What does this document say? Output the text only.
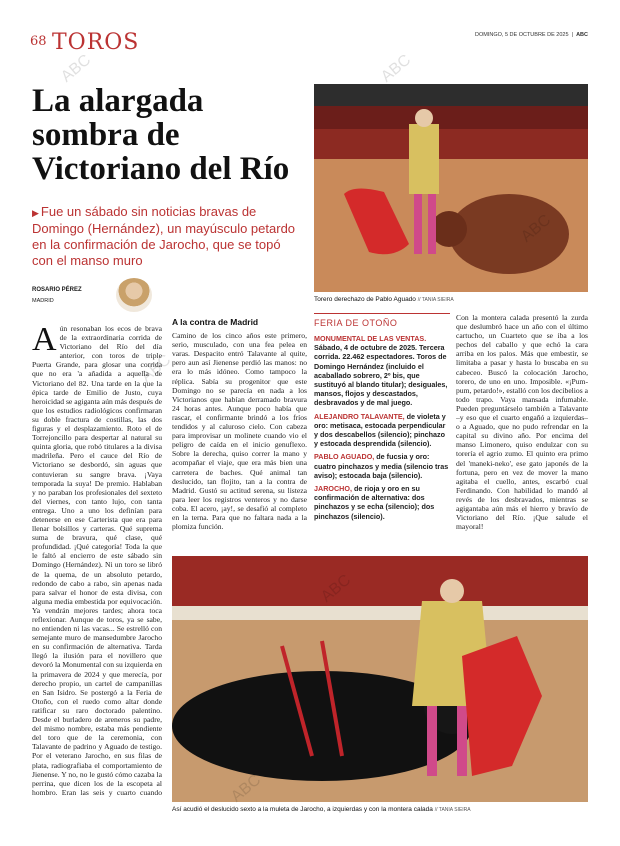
68 TOROS	DOMINGO, 5 DE OCTUBRE DE 2025  |  ABC
La alargada sombra de Victoriano del Río
▶ Fue un sábado sin noticias bravas de Domingo (Hernández), un mayúsculo petardo en la confirmación de Jarocho, que se topó con el manso muro
ROSARIO PÉREZ
MADRID
Aún resonaban los ecos de brava de la extraordinaria corrida de Victoriano del Río del día anterior, con toros de triple Puerta Grande, para glosar una corrida que no era 'a añadida a aquella de Victoriano del 82. Una tarde en la que la épica tarde de Emilio de Justo, cuya heroicidad se agiganta aún más después de que los estudios radiológicos confirmaran su doble fractura de costillas, las dos figuras y el desplazamiento. Roto el de Torrejoncillo para despertar al natural su quinta gloria, que robó titulares a la divisa madrileña. Pero el cauce del Río de Victoriano se desbordó, sin aguas que contuvieran su sangre brava. ¡Vaya temporada la suya! De premio. Hablaban y no paraban los profesionales del sexteto del viernes, con tanto lujo, con tanta entrega. Uno a uno los definían para detenerse en ese Carterista que era para llenar bolsillos y carteras. Qué suprema suma de bravura, qué clase, qué profundidad. ¡Qué categoría! Toda la que le faltó al encierro de este sábado sin Domingo (Hernández). Ni un toro se libró de la quema, de un absoluto petardo, redondo de cabo a rabo, sin apenas nada para salvar el honor de esta divisa, con alguna media embestida por equivocación. Ya vendrán mejores tardes; ahora toca reflexionar. Aunque de toros, ya se sabe, no entienden ni las vacas... Se estrelló con semejante muro de mansedumbre Jarocho en su confirmación de alternativa. Tarda llegó la ilusión para el novillero que devoró la Monumental con su izquierda en la primavera de 2024 y que merecía, por derecho propio, un cartel de campanillas en San Isidro. Se postergó a la Feria de Otoño, con el ruedo como altar donde ratificar su raro doctorado palentino. Desde el burladero de areneros su padre, del mismo nombre, estaba más pendiente del toro que de la ceremonia, con Talavante de padrino y Aguado de testigo. Por el veterano Jarocho, en sus filas de plata, radiografiaba el comportamiento de Jienense. Y no, no le gustó cómo cazaba la perrina, que dicen los de la escopeta al hombro. Eran las seis y cuarto cuando
A la contra de Madrid
Camino de los cinco años este primero, serio, musculado, con una fea pelea en varas. Despacito entró Talavante al quite, pero aun así Jienense perdió las manos: no era lo más idóneo. Como tampoco la réplica. Sabía su progenitor que este Domingo no se parecía en nada a los Victorianos que habían derramado bravura 24 horas antes. Aunque poco había que rascar, el confirmante brindó a los fríos tendidos y al caluroso cielo. Con cabeza para improvisar un molinete cuando vio el peligro de caída en el inicio genuflexo. Sobre la derecha, quiso correr la mano y acompañar el viaje, que era más bien una carretera de baches. Qué animal tan deslucido, tan flojito, tan a la contra de Madrid. Gustó su actitud serena, su listeza para leer los registros venteros y no darse coba. El acero, ¡ay!, se desafió al completo en la terna. Para que no faltara nada a la plomiza función.
Torero derechazo de Pablo Aguado // TANIA SIEIRA
FERIA DE OTOÑO
MONUMENTAL DE LAS VENTAS. Sábado, 4 de octubre de 2025. Tercera corrida. 22.462 espectadores. Toros de Domingo Hernández (incluido el acaballado sobrero, 2º bis, que sustituyó al blando titular); desiguales, mansos, flojos y descastados, desbravados y de mal juego.
ALEJANDRO TALAVANTE, de violeta y oro: metisaca, estocada perpendicular y dos descabellos (silencio); pinchazo y estocada desprendida (silencio).
PABLO AGUADO, de fucsia y oro: cuatro pinchazos y media (silencio tras aviso); estocada baja (silencio).
JAROCHO, de rioja y oro en su confirmación de alternativa: dos pinchazos y se echa (silencio); dos pinchazos (silencio).
Con la montera calada presentó la zurda que deslumbró hace un año con el último cartucho, un Cuarteto que se iba a los pechos del caballo y que echó la cara arriba en los palos. Más que embestir, se limitaba a pasar y hasta lo buscaba en su cabeceo. Buscó la colocación Jarocho, torero, de uno en uno. Imposible. «¡Pum-pum, petardo!», estalló con los decibelios a todo trapo. Vaya mansada infumable. Pueden preguntárselo también a Talavante –y eso que el cuarto engañó a izquierdas– o a Aguado, que no pudo refrendar en la capital su divino año. Por encima del manso Limonero, quiso endulzar con su torería el agrio zumo. El quinto era primo del 'maneki-neko', ese gato japonés de la fortuna, pero en vez de mover la mano agitaba el cuello, antes, escarbó cual Ferdinando. Con habilidad lo mandó al revés de los desbravados, mientras se agigantaba aún más el hierro y bravío de Victoriano del Río. ¡Que salude el mayoral!
Así acudió el deslucido sexto a la muleta de Jarocho, a izquierdas y con la montera calada // TANIA SIEIRA
ABC	ABC
ABC
